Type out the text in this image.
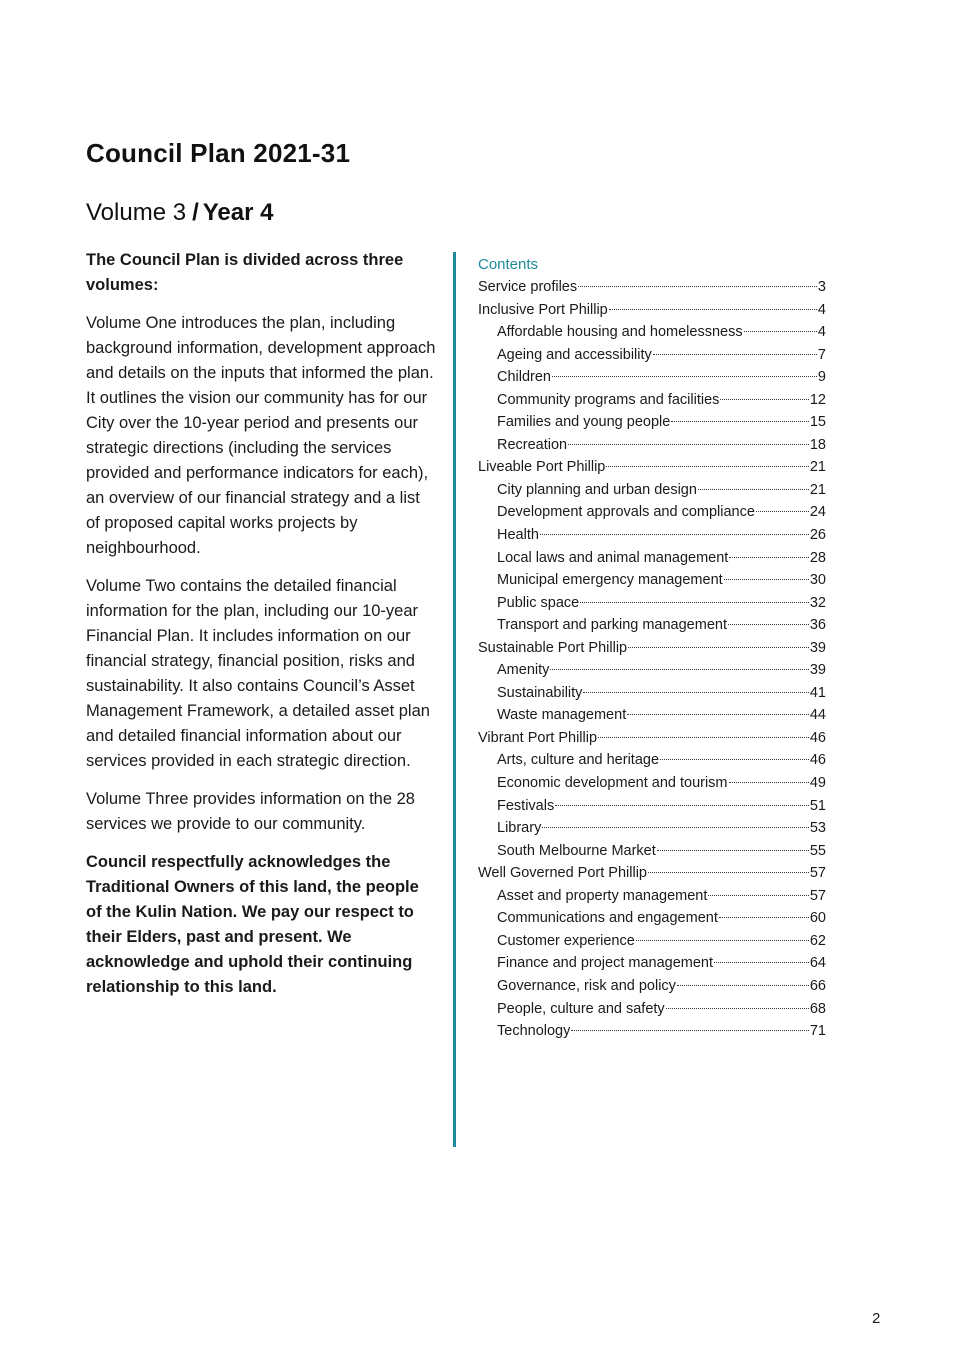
Council Plan 2021-31
Volume 3 / Year 4

The Council Plan is divided across three volumes:

Volume One introduces the plan, including background information, development approach and details on the inputs that informed the plan. It outlines the vision our community has for our City over the 10-year period and presents our strategic directions (including the services provided and performance indicators for each), an overview of our financial strategy and a list of proposed capital works projects by neighbourhood.

Volume Two contains the detailed financial information for the plan, including our 10-year Financial Plan. It includes information on our financial strategy, financial position, risks and sustainability. It also contains Council’s Asset Management Framework, a detailed asset plan and detailed financial information about our services provided in each strategic direction.

Volume Three provides information on the 28 services we provide to our community.

Council respectfully acknowledges the Traditional Owners of this land, the people of the Kulin Nation. We pay our respect to their Elders, past and present. We acknowledge and uphold their continuing relationship to this land.

Contents
Service profiles	3
Inclusive Port Phillip	4
Affordable housing and homelessness	4
Ageing and accessibility	7
Children	9
Community programs and facilities	12
Families and young people	15
Recreation	18
Liveable Port Phillip	21
City planning and urban design	21
Development approvals and compliance	24
Health	26
Local laws and animal management	28
Municipal emergency management	30
Public space	32
Transport and parking management	36
Sustainable Port Phillip	39
Amenity	39
Sustainability	41
Waste management	44
Vibrant Port Phillip	46
Arts, culture and heritage	46
Economic development and tourism	49
Festivals	51
Library	53
South Melbourne Market	55
Well Governed Port Phillip	57
Asset and property management	57
Communications and engagement	60
Customer experience	62
Finance and project management	64
Governance, risk and policy	66
People, culture and safety	68
Technology	71
2
